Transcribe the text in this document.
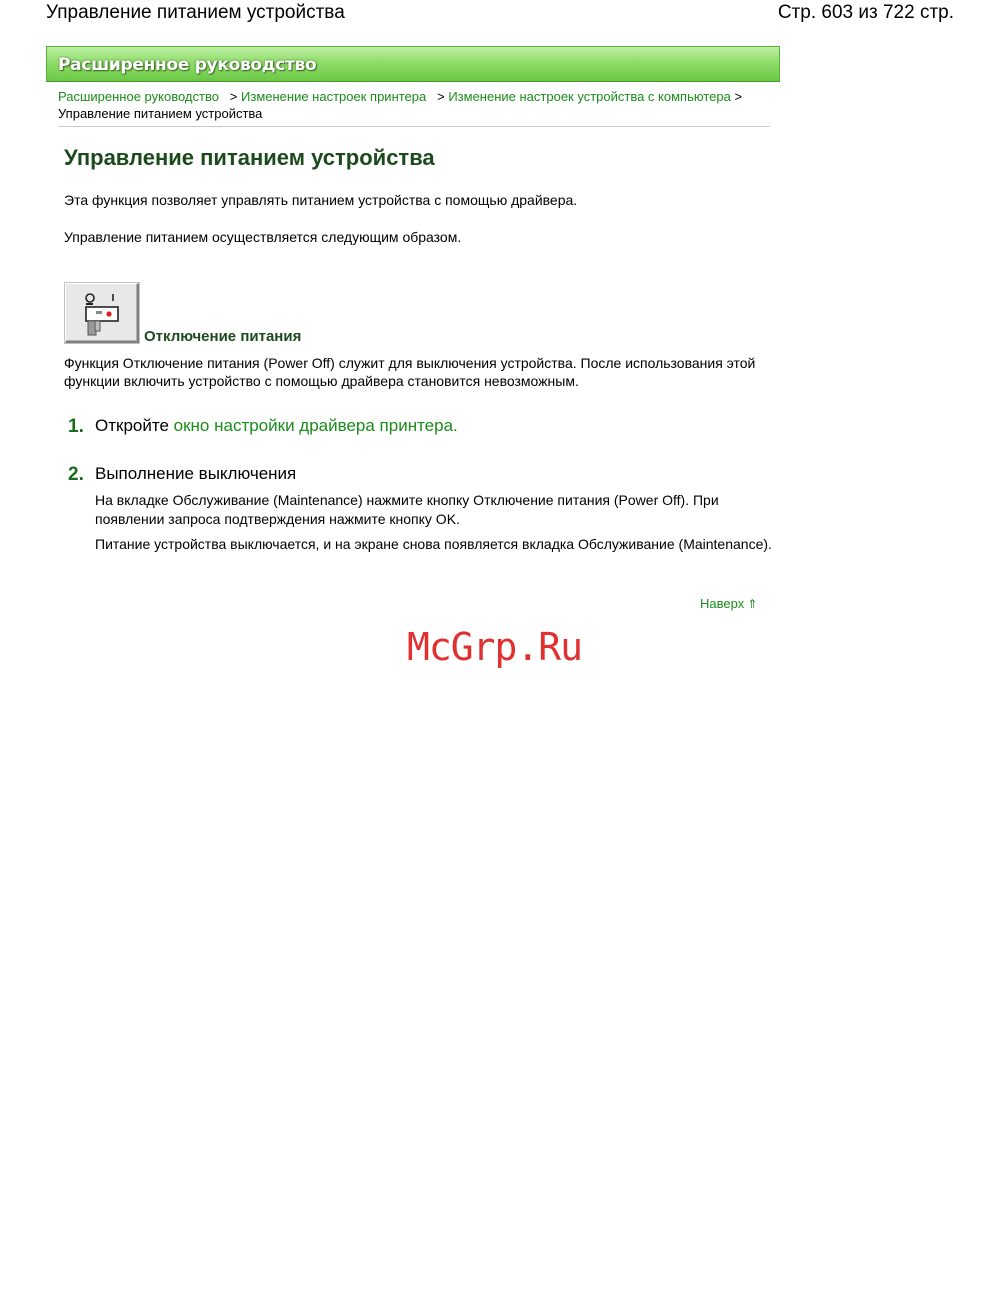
Управление питанием устройства	Стр. 603 из 722 стр.
Расширенное руководство
Расширенное руководство > Изменение настроек принтера > Изменение настроек устройства с компьютера >
Управление питанием устройства
Управление питанием устройства

Эта функция позволяет управлять питанием устройства с помощью драйвера.

Управление питанием осуществляется следующим образом.

Отключение питания

Функция Отключение питания (Power Off) служит для выключения устройства. После использования этой функции включить устройство с помощью драйвера становится невозможным.

1. Откройте окно настройки драйвера принтера.
2. Выполнение выключения

На вкладке Обслуживание (Maintenance) нажмите кнопку Отключение питания (Power Off). При появлении запроса подтверждения нажмите кнопку OK.

Питание устройства выключается, и на экране снова появляется вкладка Обслуживание (Maintenance).

Наверх ⇑
McGrp.Ru
